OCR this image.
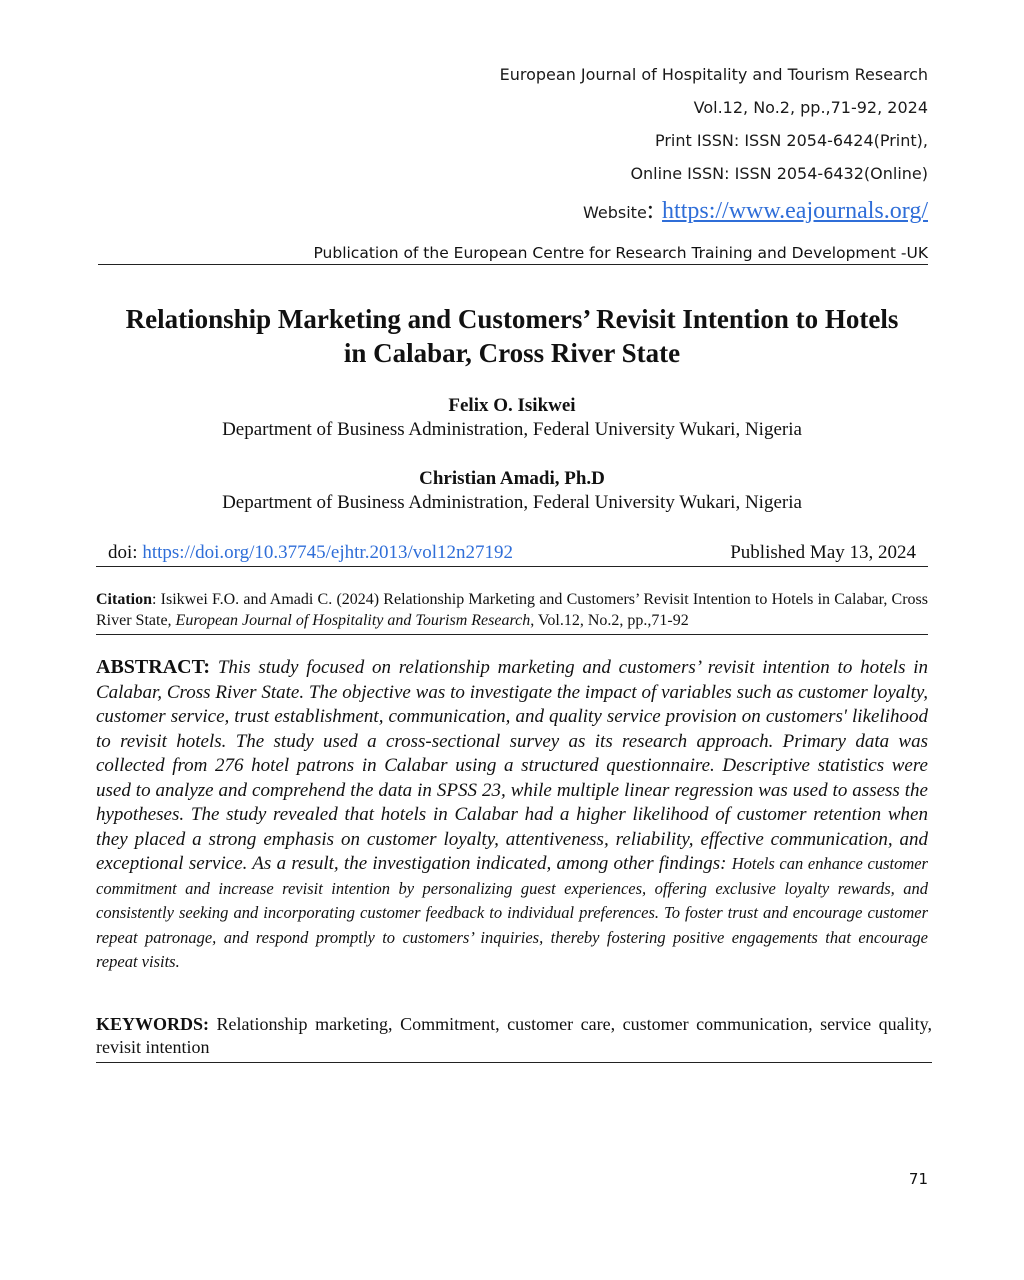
European Journal of Hospitality and Tourism Research
Vol.12, No.2, pp.,71-92, 2024
Print ISSN: ISSN 2054-6424(Print),
Online ISSN: ISSN 2054-6432(Online)
Website: https://www.eajournals.org/
Publication of the European Centre for Research Training and Development -UK
Relationship Marketing and Customers’ Revisit Intention to Hotels
in Calabar, Cross River State
Felix O. Isikwei
Department of Business Administration, Federal University Wukari, Nigeria
Christian Amadi, Ph.D
Department of Business Administration, Federal University Wukari, Nigeria
doi: https://doi.org/10.37745/ejhtr.2013/vol12n27192	Published May 13, 2024
Citation: Isikwei F.O. and Amadi C. (2024) Relationship Marketing and Customers’ Revisit Intention to Hotels in Calabar, Cross River State, European Journal of Hospitality and Tourism Research, Vol.12, No.2, pp.,71-92
ABSTRACT: This study focused on relationship marketing and customers’ revisit intention to hotels in Calabar, Cross River State. The objective was to investigate the impact of variables such as customer loyalty, customer service, trust establishment, communication, and quality service provision on customers' likelihood to revisit hotels. The study used a cross-sectional survey as its research approach. Primary data was collected from 276 hotel patrons in Calabar using a structured questionnaire. Descriptive statistics were used to analyze and comprehend the data in SPSS 23, while multiple linear regression was used to assess the hypotheses. The study revealed that hotels in Calabar had a higher likelihood of customer retention when they placed a strong emphasis on customer loyalty, attentiveness, reliability, effective communication, and exceptional service. As a result, the investigation indicated, among other findings: Hotels can enhance customer commitment and increase revisit intention by personalizing guest experiences, offering exclusive loyalty rewards, and consistently seeking and incorporating customer feedback to individual preferences. To foster trust and encourage customer repeat patronage, and respond promptly to customers’ inquiries, thereby fostering positive engagements that encourage repeat visits.
KEYWORDS: Relationship marketing, Commitment, customer care, customer communication, service quality, revisit intention
71
